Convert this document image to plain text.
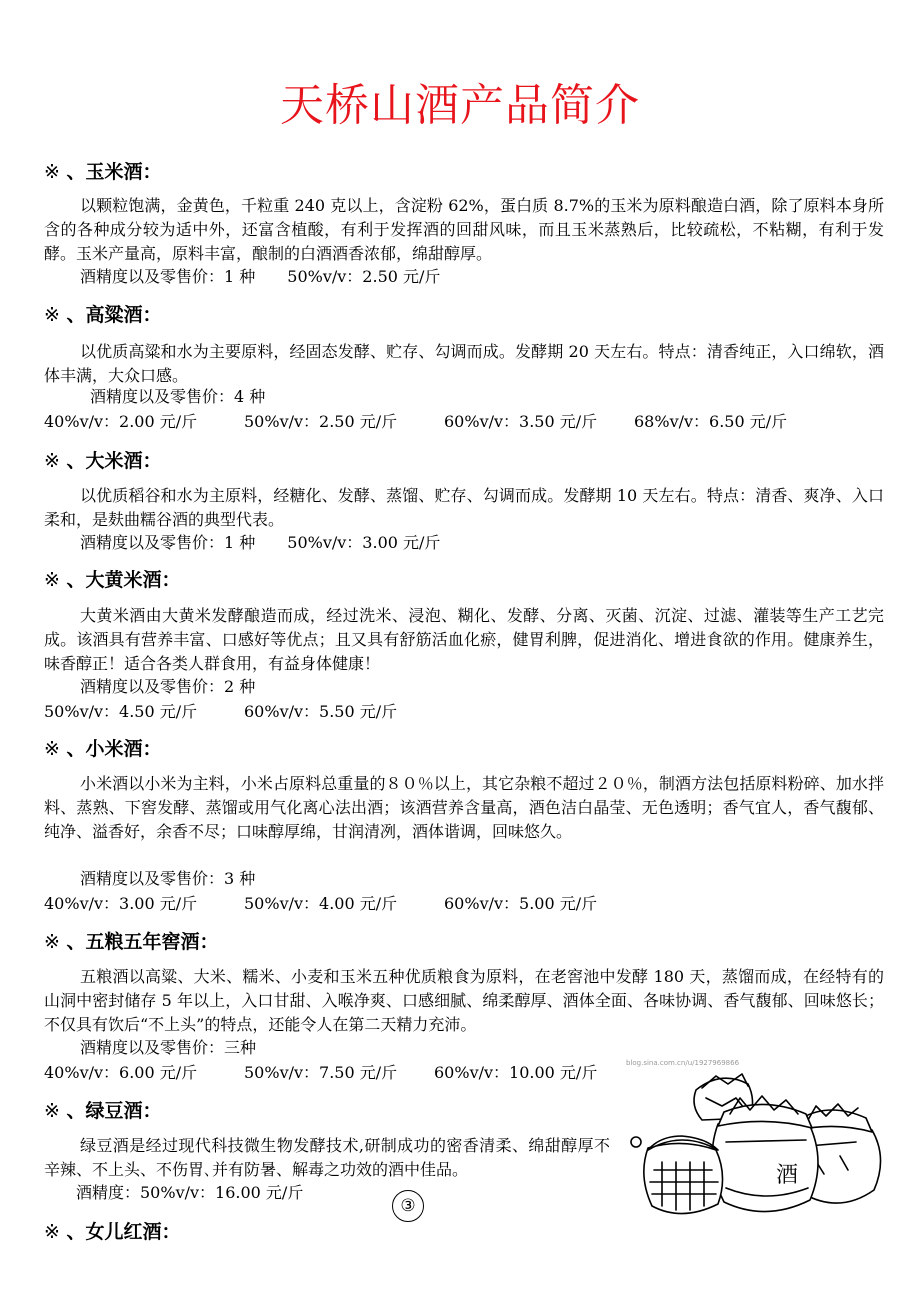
天桥山酒产品简介
※ 、玉米酒：
以颗粒饱满，金黄色，千粒重 240 克以上，含淀粉 62%，蛋白质 8.7%的玉米为原料酿造白酒，除了原料本身所含的各种成分较为适中外，还富含植酸，有利于发挥酒的回甜风味，而且玉米蒸熟后，比较疏松，不粘糊，有利于发酵。玉米产量高，原料丰富，酿制的白酒酒香浓郁，绵甜醇厚。
酒精度以及零售价：1 种　　50%v/v：2.50 元/斤
※ 、高粱酒：
以优质高粱和水为主要原料，经固态发酵、贮存、勾调而成。发酵期 20 天左右。特点：清香纯正，入口绵软，酒体丰满，大众口感。
酒精度以及零售价：4 种
40%v/v：2.00 元/斤	50%v/v：2.50 元/斤	60%v/v：3.50 元/斤 68%v/v：6.50 元/斤
※ 、大米酒：
以优质稻谷和水为主原料，经糖化、发酵、蒸馏、贮存、勾调而成。发酵期 10 天左右。特点：清香、爽净、入口柔和，是麸曲糯谷酒的典型代表。
酒精度以及零售价：1 种　　50%v/v：3.00 元/斤
※ 、大黄米酒：
大黄米酒由大黄米发酵酿造而成，经过洗米、浸泡、糊化、发酵、分离、灭菌、沉淀、过滤、灌装等生产工艺完成。该酒具有营养丰富、口感好等优点；且又具有舒筋活血化瘀，健胃利脾，促进消化、增进食欲的作用。健康养生，味香醇正！适合各类人群食用，有益身体健康！
酒精度以及零售价：2 种
50%v/v：4.50 元/斤	60%v/v：5.50 元/斤
※ 、小米酒：
小米酒以小米为主料，小米占原料总重量的８０％以上，其它杂粮不超过２０％，制酒方法包括原料粉碎、加水拌料、蒸熟、下窖发酵、蒸馏或用气化离心法出酒；该酒营养含量高，酒色洁白晶莹、无色透明；香气宜人，香气馥郁、纯净、溢香好，余香不尽；口味醇厚绵，甘润清冽，酒体谐调，回味悠久。
酒精度以及零售价：3 种
40%v/v：3.00 元/斤	50%v/v：4.00 元/斤	60%v/v：5.00 元/斤
※ 、五粮五年窖酒：
五粮酒以高粱、大米、糯米、小麦和玉米五种优质粮食为原料，在老窖池中发酵 180 天，蒸馏而成，在经特有的山洞中密封储存 5 年以上，入口甘甜、入喉净爽、口感细腻、绵柔醇厚、酒体全面、各味协调、香气馥郁、回味悠长；不仅具有饮后“不上头”的特点，还能令人在第二天精力充沛。
酒精度以及零售价：三种
40%v/v：6.00 元/斤	50%v/v：7.50 元/斤 60%v/v：10.00 元/斤
※ 、绿豆酒：
绿豆酒是经过现代科技微生物发酵技术,研制成功的密香清柔、绵甜醇厚不辛辣、不上头、不伤胃､并有防暑、解毒之功效的酒中佳品。
酒精度：50%v/v：16.00 元/斤
③
※ 、女儿红酒：
blog.sina.com.cn/u/1927969866
酒
